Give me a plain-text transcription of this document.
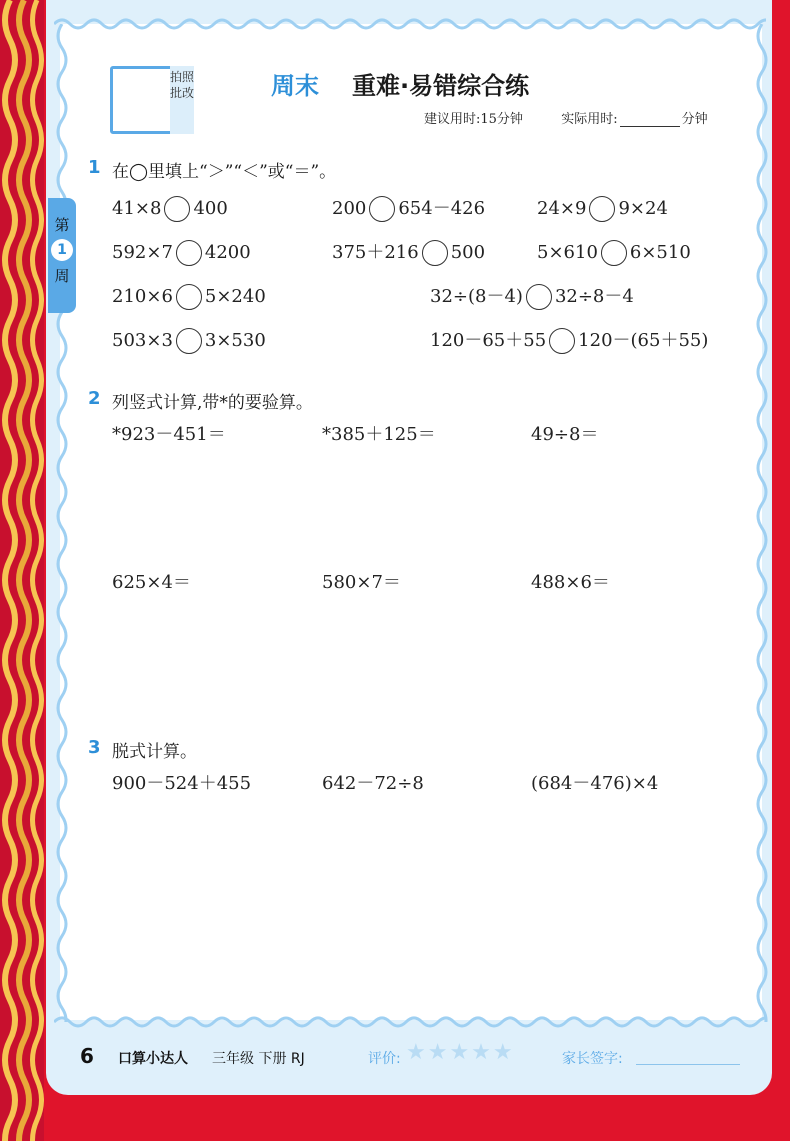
拍照批改	周末 重难·易错综合练
建议用时:15分钟	实际用时:	分钟
第
1
周
1 在◯里填上“＞”“＜”或“＝”。
41×8 400	200 654－426	24×9 9×24
592×7 4200	375＋216 500	5×610 6×510
210×6 5×240	32÷(8－4) 32÷8－4
503×3 3×530	120－65＋55 120－(65＋55)
2 列竖式计算,带*的要验算。
*923－451＝	*385＋125＝	49÷8＝
625×4＝	580×7＝	488×6＝
3 脱式计算。
900－524＋455	642－72÷8	(684－476)×4
6 口算小达人 三年级 下册 RJ	评价: ★★★★★	家长签字:
